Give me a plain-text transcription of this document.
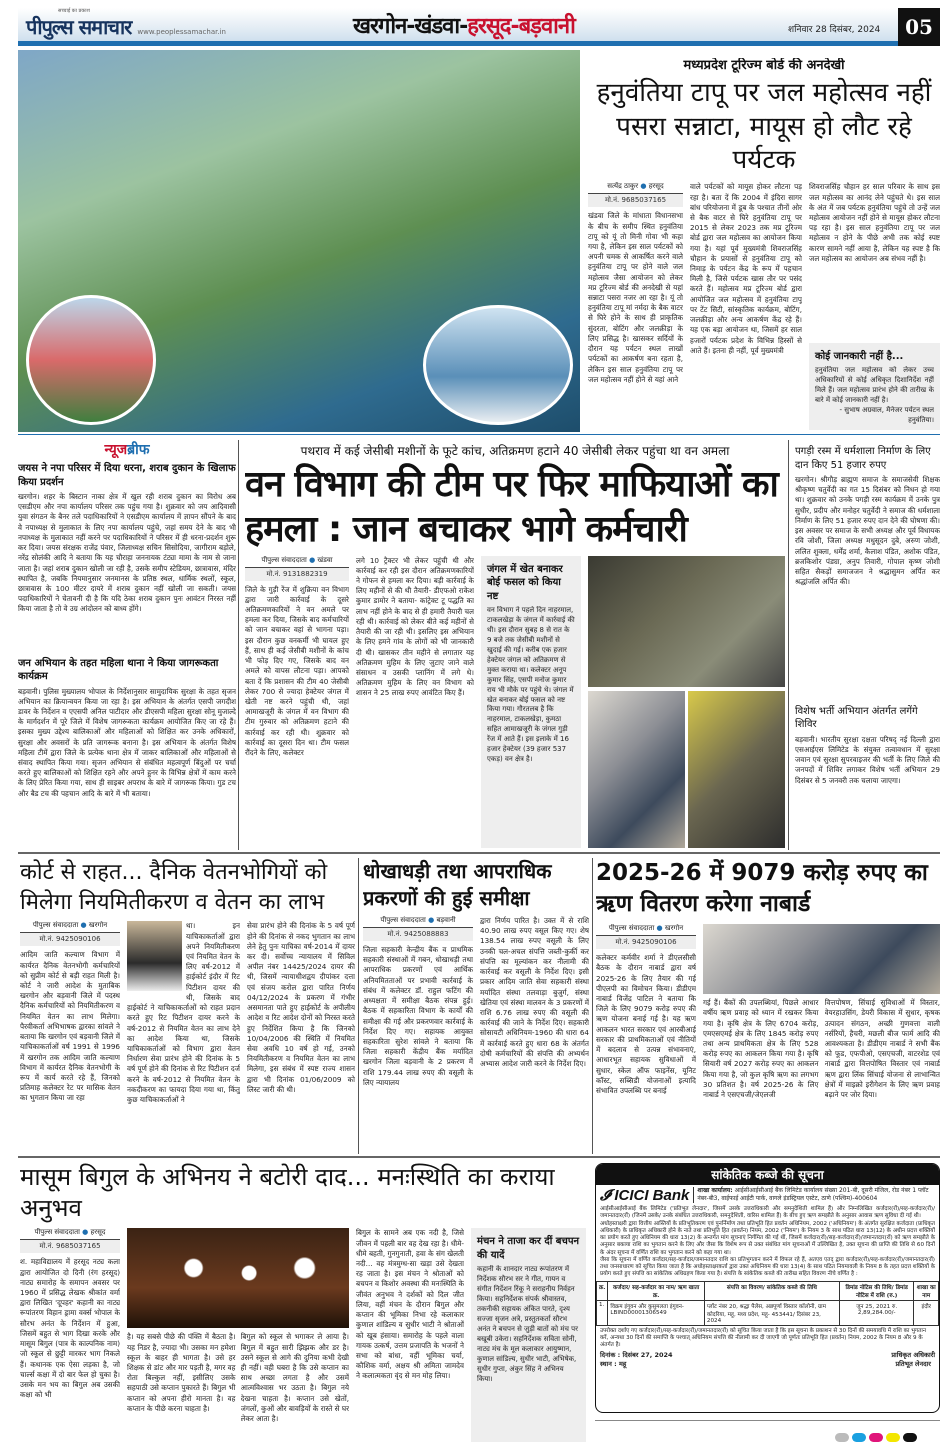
सच्चाई का प्रकाश
पीपुल्स समाचार www.peoplessamachar.in	खरगोन-खंडवा-हरसूद-बड़वानी	शनिवार 28 दिसंबर, 2024	05
मध्यप्रदेश टूरिज्म बोर्ड की अनदेखी
हनुवंतिया टापू पर जल महोत्सव नहीं पसरा सन्नाटा, मायूस हो लौट रहे पर्यटक
सत्येंद्र ठाकुर ● हरसूद
मो.नं. 9685037165
खंडवा जिले के मांधाता विधानसभा के बीच के समीप स्थित हनुवंतिया टापू को यूं तो मिनी गोवा भी कहा गया है, लेकिन इस साल पर्यटकों को अपनी चमक से आकर्षित करने वाले हनुवंतिया टापू पर होने वाले जल महोत्सव जैसा आयोजन को लेकर मप्र टूरिज्म बोर्ड की अनदेखी से यहां सन्नाटा पसरा नजर आ रहा है। यूं तो हनुवंतिया टापू मां नर्मदा के बैक वाटर से घिरे होने के साथ ही प्राकृतिक सुंदरता, बोटिंग और जलक्रीड़ा के लिए प्रसिद्ध है। खासकर सर्दियों के दौरान यह पर्यटन स्थल लाखों पर्यटकों का आकर्षण बना रहता है, लेकिन इस साल हनुवंतिया टापू पर जल महोत्सव नहीं होने से यहां आने
वाले पर्यटकों को मायूस होकर लौटना पड़ रहा है। बता दें कि 2004 में इंदिरा सागर बांध परियोजना में डूब के पश्चात तीनों ओर से बैक वाटर से घिरे हनुवंतिया टापू पर 2015 से लेकर 2023 तक मप्र टूरिज्म बोर्ड द्वारा जल महोत्सव का आयोजन किया गया है। यहां पूर्व मुख्यमंत्री शिवराजसिंह चौहान के प्रयासों से हनुवंतिया टापू को निमाड़ के पर्यटन केंद्र के रूप में पहचान मिली है, जिसे पर्यटक खास तौर पर पसंद करते हैं। महोत्सव मप्र टूरिज्म बोर्ड द्वारा आयोजित जल महोत्सव में हनुवंतिया टापू पर टेंट सिटी, सांस्कृतिक कार्यक्रम, बोटिंग, जलक्रीड़ा और अन्य आकर्षण केंद्र रहे हैं। यह एक बड़ा आयोजन था, जिसमें हर साल हजारों पर्यटक प्रदेश के विभिन्न हिस्सों से आते हैं। इतना ही नहीं, पूर्व मुख्यमंत्री
शिवराजसिंह चौहान हर साल परिवार के साथ इस जल महोत्सव का आनंद लेने पहुंचते थे। इस साल के अंत में जब पर्यटक हनुवंतिया पहुंचे तो उन्हें जल महोत्सव आयोजन नहीं होने से मायूस होकर लौटना पड़ रहा है। इस साल हनुवंतिया टापू पर जल महोत्सव न होने के पीछे अभी तक कोई स्पष्ट कारण सामने नहीं आया है, लेकिन यह स्पष्ट है कि जल महोत्सव का आयोजन अब संभव नहीं है।
कोई जानकारी नहीं है...
हनुवंतिया जल महोत्सव को लेकर उच्च अधिकारियों से कोई अधिकृत दिशानिर्देश नहीं मिले हैं। जल महोत्सव प्रारंभ होने की तारीख के बारे में कोई जानकारी नहीं है।
- सुभाष अग्रवाल, मैनेजर पर्यटन स्थल हनुवंतिया।
न्यूजब्रीफ
जयस ने नपा परिसर में दिया धरना, शराब दुकान के खिलाफ किया प्रदर्शन
खरगोन। शहर के बिस्टान नाका क्षेत्र में खुल रही शराब दुकान का विरोध अब एसडीएम और नपा कार्यालय परिसर तक पहुंच गया है। शुक्रवार को जय आदिवासी युवा संगठन के बैनर तले पदाधिकारियों ने एसडीएम कार्यालय में ज्ञापन सौंपने के बाद वे नपाध्यक्ष से मुलाकात के लिए नपा कार्यालय पहुंचे, जहां समय देने के बाद भी नपाध्यक्ष के मुलाकात नहीं करने पर पदाधिकारियों ने परिसर में ही धरना-प्रदर्शन शुरू कर दिया। जयस संरक्षक राजेंद्र पंवार, जिलाध्यक्ष सचिन सिसोदिया, जागीराम बड़ोले, नरेंद्र सोलंकी आदि ने बताया कि यह चौराहा जननायक टंट्या मामा के नाम से जाना जाता है। जहां शराब दुकान खोली जा रही है, उसके समीप स्टेडियम, छात्रावास, मंदिर स्थापित है, जबकि नियमानुसार जनमानस के प्रतिष्ठ स्थल, धार्मिक स्थलों, स्कूल, छात्रावास के 100 मीटर दायरे में शराब दुकान नहीं खोली जा सकती। जयस पदाधिकारियों ने चेतावनी दी है कि यदि ठेका शराब दुकान पुनः आवंटन निरस्त नहीं किया जाता है तो वे उग्र आंदोलन को बाध्य होंगे।
जन अभियान के तहत महिला थाना ने किया जागरूकता कार्यक्रम
बड़वानी। पुलिस मुख्यालय भोपाल के निर्देशानुसार सामुदायिक सुरक्षा के तहत सृजन अभियान का क्रियान्वयन किया जा रहा है। इस अभियान के अंतर्गत एसपी जगदीश डावर के निर्देशन व एएसपी अनिल पाटीदार और डीएसपी महिला सुरक्षा सोनू मुजाल्दे के मार्गदर्शन में पूरे जिले में विशेष जागरूकता कार्यक्रम आयोजित किए जा रहे हैं। इसका मुख्य उद्देश्य बालिकाओं और महिलाओं को शिक्षित कर उनके अधिकारों, सुरक्षा और अवसरों के प्रति जागरूक बनाना है। इस अभियान के अंतर्गत विशेष महिला टीमें द्वारा जिले के प्रत्येक थाना क्षेत्र में जाकर बालिकाओं और महिलाओं से संवाद स्थापित किया गया। सृजन अभियान से संबंधित महत्वपूर्ण बिंदुओं पर चर्चा करते हुए बालिकाओं को शिक्षित रहने और अपने हुनर के विभिन्न क्षेत्रों में काम करने के लिए प्रेरित किया गया, साथ ही साइबर अपराध के बारे में जागरूक किया। गुड टच और बैड टच की पहचान आदि के बारे में भी बताया।
पथराव में कई जेसीबी मशीनों के फूटे कांच, अतिक्रमण हटाने 40 जेसीबी लेकर पहुंचा था वन अमला
वन विभाग की टीम पर फिर माफियाओं का हमला : जान बचाकर भागे कर्मचारी
पीपुल्स संवाददाता ● खंडवा
मो.नं. 9131882319
जिले के गुड़ी रेंज में शुक्रिया वन विभाग द्वारा जारी कार्रवाई के दूसरे अतिक्रमणकारियों ने वन अमले पर हमला कर दिया, जिसके बाद कर्मचारियों को जान बचाकर वहां से भागना पड़ा। इस दौरान कुछ वनकर्मी भी घायल हुए हैं, साथ ही कई जेसीबी मशीनों के कांच भी फोड़ दिए गए, जिसके बाद वन अमले को वापस लौटना पड़ा। आपको बता दें कि प्रशासन की टीम 40 जेसीबी लेकर 700 से ज्यादा हेक्टेयर जंगल में खेती नष्ट करने पहुंची थी, जहां आमाखजूरी के जंगल में वन विभाग की टीम गुरुवार को अतिक्रमण हटाने की कार्रवाई कर रही थी। शुक्रवार को कार्रवाई का दूसरा दिन था। टीम फसल रौंदने के लिए, कलेक्टर
लगे 10 ट्रैक्टर भी लेकर पहुंची थी और कार्रवाई कर रही इस दौरान अतिक्रमणकारियों ने गोफन से हमला कर दिया। बड़ी कार्रवाई के लिए महीनों से की थी तैयारी- डीएफओ राकेश कुमार डामोर ने बताया- कांट्रेक्ट टू पद्धति का लाभ नहीं होने के बाद से ही हमारी तैयारी चल रही थी। कार्रवाई को लेकर बीते कई महीनों से तैयारी की जा रही थी। इसलिए इस अभियान के लिए हमने गांव के लोगों को भी जानकारी दी थी। खासकर तीन महीने से लगातार यह अतिक्रमण मुहिम के लिए जुटाए जाने वाले संसाधन व उसकी प्लानिंग में लगे थे। अतिक्रमण मुहिम के लिए वन विभाग को शासन ने 25 लाख रुपए आवंटित किए हैं।
जंगल में खेत बनाकर बोई फसल को किया नष्ट
वन विभाग ने पहले दिन नाहरमाल, टाकलखेड़ा के जंगल में कार्रवाई की थी। इस दौरान सुबह 8 से रात के 9 बजे तक जेसीबी मशीनों से खुदाई की गई। करीब एक हजार हेक्टेयर जंगल को अतिक्रमण से मुक्त कराया था। कलेक्टर अनूप कुमार सिंह, एसपी मनोज कुमार राय भी मौके पर पहुंचे थे। जंगल में खेत बनाकर बोई फसल को नष्ट किया गया। गौरतलब है कि नाहरमाल, टाकलखेड़ा, कुमठा सहित आमाखजूरी के जंगल गुड़ी रेंज में आते हैं। इस इलाके में 16 हजार हेक्टेयर (39 हजार 537 एकड़) वन क्षेत्र है।
पगड़ी रस्म में धर्मशाला निर्माण के लिए दान किए 51 हजार रुपए
खरगोन। श्रीगौड़ ब्राह्मण समाज के समाजसेवी शिक्षक श्रीकृष्ण चतुर्वेदी का गत 15 दिसंबर को निधन हो गया था। शुक्रवार को उनके पगड़ी रस्म कार्यक्रम में उनके पुत्र सुधीर, प्रदीप और मनोहर चतुर्वेदी ने समाज की धर्मशाला निर्माण के लिए 51 हजार रुपए दान देने की घोषणा की। इस अवसर पर समाज के सभी अध्यक्ष और पूर्व विधायक रवि जोशी, जिला अध्यक्ष मधुसूदन दुबे, अरुण जोशी, ललित शुक्ला, धर्मेंद्र शर्मा, कैलाश पंडित, अशोक पंडित, ब्रजकिशोर पंड्या, अनुप तिवारी, गोपाल कृष्ण जोशी सहित सैकड़ों समाजजन ने श्रद्धासुमन अर्पित कर श्रद्धांजलि अर्पित की।
विशेष भर्ती अभियान अंतर्गत लगेंगे शिविर
बड़वानी। भारतीय सुरक्षा दक्षता परिषद् नई दिल्ली द्वारा एसआईएस लिमिटेड के संयुक्त तत्वावधान में सुरक्षा जवान एवं सुरक्षा सुपरवाइजर की भर्ती के लिए जिले की जनपदों में शिविर लगाकर विशेष भर्ती अभियान 29 दिसंबर से 5 जनवरी तक चलाया जाएगा।
कोर्ट से राहत... दैनिक वेतनभोगियों को मिलेगा नियमितीकरण व वेतन का लाभ
पीपुल्स संवाददाता ● खरगोन
मो.नं. 9425090106
आदिम जाति कल्याण विभाग में कार्यरत दैनिक वेतनभोगी कर्मचारियों को सुप्रीम कोर्ट से बड़ी राहत मिली है। कोर्ट ने जारी आदेश के मुताबिक खरगोन और बड़वानी जिले में पदस्थ दैनिक कर्मचारियों को नियमितीकरण व नियमित वेतन का लाभ मिलेगा। पैरवीकर्ता अभिभाषक द्वारका सांवले ने बताया कि खरगोन एवं बड़वानी जिले में याचिकाकर्ताओं वर्ष 1991 से 1996 में खरगोन तक आदिम जाति कल्याण विभाग में कार्यरत दैनिक वेतनभोगी के रूप में कार्य करते रहे हैं, जिनको प्रतिमाह कलेक्टर रेट पर मासिक वेतन का भुगतान किया जा रहा
था। इन याचिकाकर्ताओं द्वारा अपने नियमितीकरण एवं नियमित वेतन के लिए वर्ष-2012 में हाईकोर्ट इंदौर में रिट पिटीशन दायर की थी, जिसके बाद हाईकोर्ट ने याचिकाकर्ताओं को राहत प्रदान करते हुए रिट पिटीशन दायर करने के वर्ष-2012 से नियमित वेतन का लाभ देने का आदेश किया था, जिसके याचिकाकर्ताओं को विभाग द्वारा वेतन निर्धारण सेवा प्रारंभ होने की दिनांक के 5 वर्ष पूर्ण होने की दिनांक से रिट पिटीशन दर्ज करने के वर्ष-2012 से नियमित वेतन के नकदीकरण का फायदा दिया गया था, किंतु कुछ याचिकाकर्ताओं ने
सेवा प्रारंभ होने की दिनांक के 5 वर्ष पूर्ण होने की दिनांक से नकद भुगतान का लाभ लेने हेतु पुनः याचिका वर्ष-2014 में दायर कर दी। सर्वोच्च न्यायालय में सिविल अपील नंबर 14425/2024 दायर की थी, जिसमें न्यायाधीशद्वय दीपांकर दत्ता एवं संजय करोल द्वारा पारित निर्णय 04/12/2024 के प्रकरण में गंभीर असमानता पाते हुए हाईकोर्ट के अपीलीय आदेश व रिट आदेश दोनों को निरस्त करते हुए निर्देशित किया है कि जिनको 10/04/2006 की स्थिति में नियमित सेवा अवधि 10 वर्ष हो गई, उनको नियमितीकरण व नियमित वेतन का लाभ मिलेगा, इस संबंध में स्पष्ट राज्य शासन द्वारा भी दिनांक 01/06/2009 को लिस्ट जारी की थी।
धोखाधड़ी तथा आपराधिक प्रकरणों की हुई समीक्षा
पीपुल्स संवाददाता ● बड़वानी
मो.नं. 9425088883
जिला सहकारी केन्द्रीय बैंक व प्राथमिक सहकारी संस्थाओं में गबन, धोखाधड़ी तथा आपराधिक प्रकरणों एवं आर्थिक अनियमितताओं पर प्रभावी कार्रवाई के संबंध में कलेक्टर डॉ. राहुल फटिंग की अध्यक्षता में समीक्षा बैठक संपन्न हुई। बैठक में सहकारिता विभाग के कार्यों की समीक्षा की गई और प्रकरणवार कार्रवाई के निर्देश दिए गए। सहायक आयुक्त सहकारिता सुरेश सांवले ने बताया कि जिला सहकारी केंद्रीय बैंक मर्यादित खरगोन जिला बड़वानी के 2 प्रकरण में राशि 179.44 लाख रुपए की वसूली के लिए न्यायालय
द्वारा निर्णय पारित है। उक्त में से राशि 40.90 लाख रुपए वसूल किए गए। शेष 138.54 लाख रुपए वसूली के लिए उनकी चल-अचल संपत्ति जब्ती-कुर्की कर संपत्ति का मूल्यांकन कर नीलामी की कार्रवाई कर वसूली के निर्देश दिए। इसी प्रकार आदिम जाति सेवा सहकारी संस्था मर्यादित संस्था तलवाड़ा बुजुर्ग, संस्था खेतिया एवं संस्था मालवन के 3 प्रकरणों में राशि 6.76 लाख रुपए की वसूली की कार्रवाई की जाने के निर्देश दिए। सहकारी सोसायटी अधिनियम-1960 की धारा 64 में कार्रवाई करते हुए धारा 68 के अंतर्गत दोषी कर्मचारियों की संपत्ति की अभ्यर्थन अभ्यास आदेश जारी करने के निर्देश दिए।
2025-26 में 9079 करोड़ रुपए का ऋण वितरण करेगा नाबार्ड
पीपुल्स संवाददाता ● खरगोन
मो.नं. 9425090106
कलेक्टर कर्मवीर शर्मा ने डीएलसीसी बैठक के दौरान नाबार्ड द्वारा वर्ष 2025-26 के लिए तैयार की गई पीएलपी का विमोचन किया। डीडीएम नाबार्ड विजेंद्र पाटिल ने बताया कि जिले के लिए 9079 करोड़ रुपए की ऋण योजना बनाई गई है। यह ऋण आकलन भारत सरकार एवं आरबीआई सरकार की प्राथमिकताओं एवं नीतियों में बदलाव से उत्पन्न संभावनाएं, आधारभूत सहायक सुविधाओं में सुधार, स्केल ऑफ फाइनेंस, यूनिट कॉस्ट, सब्सिडी योजनाओं इत्यादि संभावित उपलब्धि पर बनाई
गई हैं। बैंकों की उपलब्धियां, पिछले आधार वर्षीय ऋण प्रवाह को ध्यान में रखकर किया गया है। कृषि क्षेत्र के लिए 6704 करोड़, एमएसएमई क्षेत्र के लिए 1845 करोड़ रुपए तथा अन्य प्राथमिकता क्षेत्र के लिए 528 करोड़ रुपए का आकलन किया गया है। कृषि सियारी वर्ष 2027 करोड़ रुपए का आकलन किया गया है, जो कुल कृषि ऋण का लगभग 30 प्रतिशत है। वर्ष 2025-26 के लिए नाबार्ड ने एसएचजी/जेएलजी
वित्तपोषण, सिंचाई सुविधाओं में विस्तार, वेयरहाउसिंग, डेयरी विकास में सुधार, कृषक उत्पादन संगठन, अच्छी गुणवत्ता वाली नर्सरियों, हैचरी, मछली बीज फार्म आदि की आवश्यकता है। डीडीएम नाबार्ड ने सभी बैंक को फूड, एफपीओ, एसएचजी, वाटरशेड एवं नाबार्ड द्वारा वित्तपोषित विस्तार एवं नाबार्ड ऋण द्वारा लिंक सिंचाई योजना से लाभान्वित क्षेत्रों में माइक्रो इरीगेशन के लिए ऋण प्रवाह बढ़ाने पर जोर दिया।
मासूम बिगुल के अभिनय ने बटोरी दाद... मनःस्थिति का कराया अनुभव
पीपुल्स संवाददाता ● हरसूद
मो.नं. 9685037165
श. महाविद्यालय में हरसूद नट्य कला द्वारा आयोजित दो दिनी (रंग हरसूद) नाट्य समारोह के समापन अवसर पर 1960 में प्रसिद्ध लेखक श्रीकांत वर्मा द्वारा लिखित 'दूपहर' कहानी का नाट्य रूपांतरण विहान ड्रामा वर्क्स भोपाल के सौरभ अनंत के निर्देशन में हुआ, जिसमें बहुत से भाग दिखा करके और मासूम बिगुल (पात्र के काल्पनिक नाम) जो स्कूल से छुट्टी मारकर भाग निकले हैं। कथानक एक ऐसा लड़का है, जो चार्ल्स कक्षा में दो बार फेल हो चुका है। उसके मन भय का बिगुल अब उसकी कक्षा को भी
है। यह सबसे पीछे की पंक्ति में बैठता है। यह निडर है, ज्यादा भी। उसका मन हमेशा स्कूल के बाहर ही भागता है। उसे हर शिक्षक से डांट और मार पड़ती है, मगर वह रोता बिल्कुल नहीं, इसीलिए उसके सहपाठी उसे कप्तान पुकारते हैं। बिगुल भी कप्तान को अपना हीरो मानता है। वह कप्तान के पीछे करना चाहता है।
बिगुल को स्कूल से भगाकर ले आया है। बिगुल में बहुत सारी झिझक और डर है। उसने स्कूल से आगे की दुनिया कभी देखी ही नहीं। वही घबरा है कि उसे कप्तान का साथ अच्छा लगता है और उसमें आत्मविश्वास भर उठता है। बिगुल नये देखना चाहता है। कप्तान उसे खेतों, जंगलों, कुओं और बावड़ियों के रास्ते से घर लेकर आता है।
बिगुल के सामने अब एक नदी है, जिसे जीवन में पहली बार वह देख रहा है। धीमे-धीमे बहती, गुनगुनाती, हवा के संग खेलती नदी... वह मंत्रमुग्ध-सा खड़ा उसे देखता रह जाता है। इस मंचन ने श्रोताओं को बचपन व किशोर अवस्था की मनःस्थिति के जीवंत अनुभव ने दर्शकों को दिल जीत लिया, वहीं मंचन के दौरान बिगुल और कप्तान की भूमिका निभा रहे कलाकार कुणाल शांडिल्य व सुधीर भाटी ने श्रोताओं को खूब हंसाया। समारोह के पहले वाला गायक उत्कर्ष, उत्तम प्रजापति के भजनों ने सभा को बांधा, वहीं भूमिका चर्या, कौशिक वर्मा, अक्षय श्री अमिता जामदेव ने कलात्मकता वृंद से मन मोह लिया।
मंचन ने ताजा कर दीं बचपन की यादें
कहानी के शानदार नाट्य रूपांतरण में निर्देशक सौरभ सर ने गीत, गायन व संगीत निर्देशन रिंकू ने सराहनीय निर्वहन किया। सहनिर्देशक संपर्क श्रीवास्तव, तकनीकी सहायक अंकित पारते, दृश्य सज्जा सृजन अत्रे, प्रस्तुतकर्ता सौरभ अनंत ने बचपन से जुड़ी बातों को मंच पर बखूबी उकेरा। सहनिर्देशक सविता सोनी, नाट्य मंच के मूल कलाकार आयुष्मान, कुणाल सांडिल्य, सुधीर भाटी, अभिषेक, सुधीर गुप्ता, अंकुर सिंह ने अभिनय किया।
सांकेतिक कब्जे की सूचना
𝓘 ICICI Bank	शाखा कार्यालय: आईसीआईसीआई बैंक लिमिटेड कार्यालय संख्या 201-बी, दूसरी मंजिल, रोड नंबर 1 प्लॉट नंबर-बी3, वाईफाई आईटी पार्क, वागले इंडस्ट्रियल एस्टेट, ठाणे (पश्चिम)-400604

आईसीआईसीआई बैंक लिमिटेड ('प्रतिभूत लेनदार', जिसमें उसके उत्तराधिकारी और समनुदेशिती शामिल हैं) और निम्नलिखित कर्जदार(रों)/सह-कर्जदार(रों)/जमानतदार(रों) (जिनमें उसके/ उनके संबंधित उत्तराधिकारी, समनुदेशिती, वारिस शामिल हैं) के बीच हुए ऋण समझौते के अनुसार आवास ऋण सुविधा दी गई थी।

अधोहस्ताक्षरी द्वारा वित्तीय आस्तियों के प्रतिभूतिकरण एवं पुनर्निर्माण तथा प्रतिभूति हित प्रवर्तन अधिनियम, 2002 ('अधिनियम') के अंतर्गत सुरक्षित कर्जदाता (प्राधिकृत अधिकारी) के प्राधिकृत अधिकारी होने के नाते तथा प्रतिभूति हित (प्रवर्तन) नियम, 2002 ('नियम') के नियम 3 के साथ पठित धारा 13(12) के अधीन प्रदत्त शक्तियों का प्रयोग करते हुए अधिनियम की धारा 13(2) के अन्तर्गत मांग सूचनाएं निर्गमित की गई थीं, जिसमें कर्जदार(रों)/सह-कर्जदार(रों)/जमानतदार(रों) को ऋण समझौते के अनुसार बकाया राशि का भुगतान करने के लिए और जैसा कि विशेष रूप से उक्त संबंधित मांग सूचनाओं में उल्लिखित है, उक्त सूचना की प्राप्ति की तिथि से 60 दिनों के अंदर सूचना में वर्णित राशि का भुगतान करने को कहा गया था।

जैसा कि सूचना में वर्णित कर्जदार/सह-कर्जदार/जमानतदार राशि का प्रतिभुगतान करने में विफल रहे हैं, अतएव एतद् द्वारा कर्जदार(रों)/सह-कर्जदार(रों)/जमानतदार(रों) तथा जनसाधारण को सूचित किया जाता है कि अधोहस्ताक्षरकर्ता द्वारा उक्त अधिनियम की धारा 13(4) के साथ पठित नियमावली के नियम 8 के तहत प्रदत्त शक्तियों के प्रयोग करते हुए संपत्ति का सांकेतिक अधिग्रहण किया गया है। संपत्ति के सांकेतिक कब्जे की तारीख सहित विवरण नीचे वर्णित है :

क्र.	कर्जदार/ सह-कर्जदार का नाम/ ऋण खाता क्र.	संपत्ति का विवरण/ सांकेतिक कब्जे की तिथि	डिमांड नोटिस की तिथि/ डिमांड नोटिस में राशि (रु.)	शाखा का नाम
1.	विक्रम इंगुवन और कुसुमलता इंगुवन- LBIND00001306549	प्लॉट नंबर 20, श्रद्धा पैलेस, अन्नपूर्णा विस्तार कॉलोनी, ग्राम कोदरिया, महू, मध्य प्रदेश, महू- 453441/ दिसंबर 23, 2024	जून 25, 2021 रु. 2,89,284.00/-	इंदौर
उपरोक्त दर्शाए गए कर्जदार(रों)/सह-कर्जदार(रों)/जमानतदार(रों) को सूचित किया जाता है कि इस सूचना के प्रकाशन से 30 दिनों की समयावधि में राशि का भुगतान करें, अन्यथा 30 दिनों की समाप्ति के पश्चात् अधिनियम संपत्ति की नीलामी कर दी जाएगी जो पूर्णतः प्रतिभूति हित (प्रवर्तन) नियम, 2002 के नियम 8 और 9 के अंतर्गत है।
दिनांक : दिसंबर 27, 2024
स्थान : महू
प्राधिकृत अधिकारी
प्रतिभूत लेनदार
